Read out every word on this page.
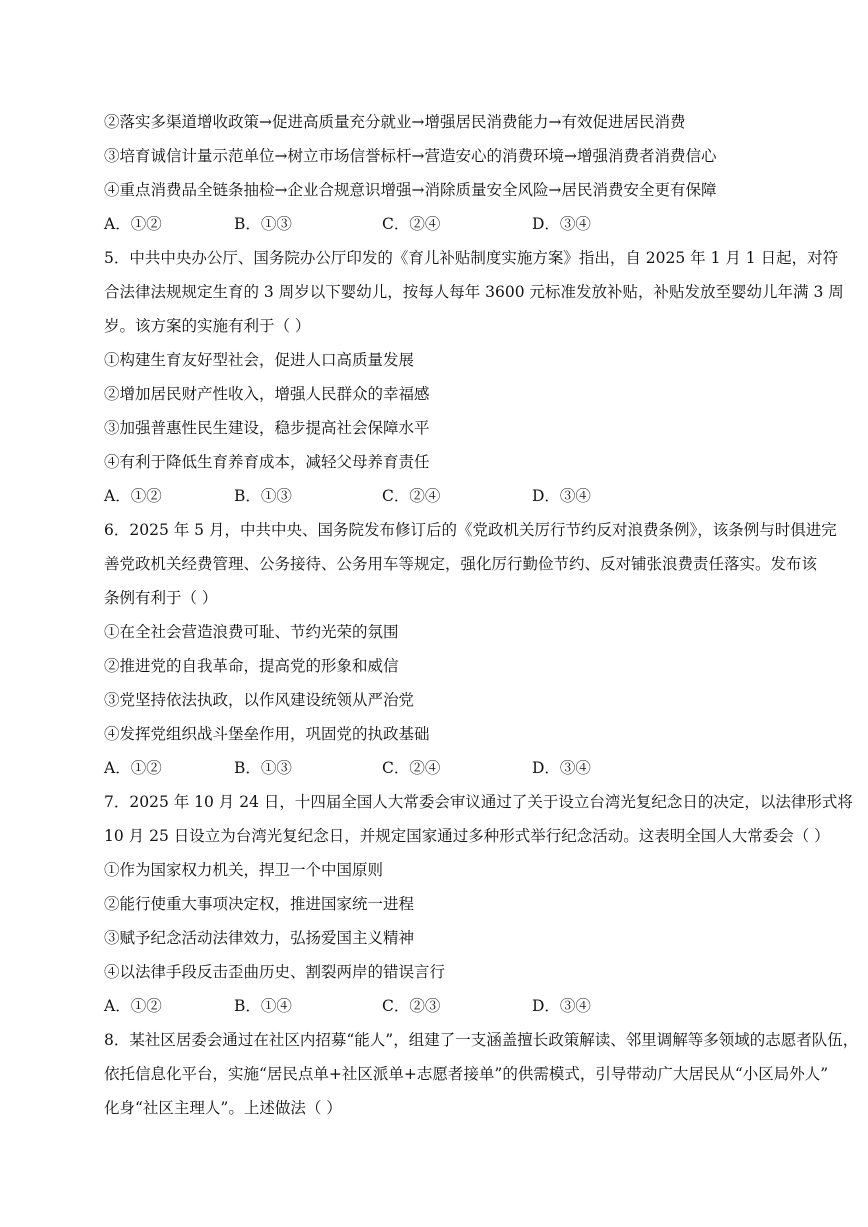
②落实多渠道增收政策→促进高质量充分就业→增强居民消费能力→有效促进居民消费
③培育诚信计量示范单位→树立市场信誉标杆→营造安心的消费环境→增强消费者消费信心
④重点消费品全链条抽检→企业合规意识增强→消除质量安全风险→居民消费安全更有保障
A．①②	B．①③	C．②④	D．③④
5．中共中央办公厅、国务院办公厅印发的《育儿补贴制度实施方案》指出，自 2025 年 1 月 1 日起，对符
合法律法规规定生育的 3 周岁以下婴幼儿，按每人每年 3600 元标准发放补贴，补贴发放至婴幼儿年满 3 周
岁。该方案的实施有利于（ ）
①构建生育友好型社会，促进人口高质量发展
②增加居民财产性收入，增强人民群众的幸福感
③加强普惠性民生建设，稳步提高社会保障水平
④有利于降低生育养育成本，减轻父母养育责任
A．①②	B．①③	C．②④	D．③④
6．2025 年 5 月，中共中央、国务院发布修订后的《党政机关厉行节约反对浪费条例》，该条例与时俱进完
善党政机关经费管理、公务接待、公务用车等规定，强化厉行勤俭节约、反对铺张浪费责任落实。发布该
条例有利于（ ）
①在全社会营造浪费可耻、节约光荣的氛围
②推进党的自我革命，提高党的形象和威信
③党坚持依法执政，以作风建设统领从严治党
④发挥党组织战斗堡垒作用，巩固党的执政基础
A．①②	B．①③	C．②④	D．③④
7．2025 年 10 月 24 日，十四届全国人大常委会审议通过了关于设立台湾光复纪念日的决定，以法律形式将
10 月 25 日设立为台湾光复纪念日，并规定国家通过多种形式举行纪念活动。这表明全国人大常委会（ ）
①作为国家权力机关，捍卫一个中国原则
②能行使重大事项决定权，推进国家统一进程
③赋予纪念活动法律效力，弘扬爱国主义精神
④以法律手段反击歪曲历史、割裂两岸的错误言行
A．①②	B．①④	C．②③	D．③④
8．某社区居委会通过在社区内招募“能人”，组建了一支涵盖擅长政策解读、邻里调解等多领域的志愿者队伍，
依托信息化平台，实施“居民点单+社区派单+志愿者接单”的供需模式，引导带动广大居民从“小区局外人”
化身“社区主理人”。上述做法（ ）
